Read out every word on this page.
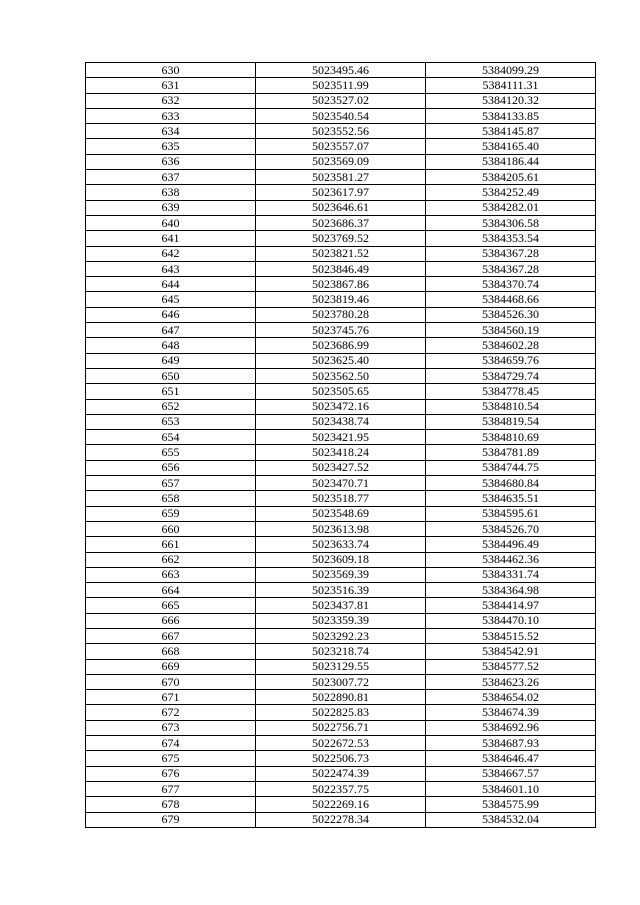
630	5023495.46	5384099.29
631	5023511.99	5384111.31
632	5023527.02	5384120.32
633	5023540.54	5384133.85
634	5023552.56	5384145.87
635	5023557.07	5384165.40
636	5023569.09	5384186.44
637	5023581.27	5384205.61
638	5023617.97	5384252.49
639	5023646.61	5384282.01
640	5023686.37	5384306.58
641	5023769.52	5384353.54
642	5023821.52	5384367.28
643	5023846.49	5384367.28
644	5023867.86	5384370.74
645	5023819.46	5384468.66
646	5023780.28	5384526.30
647	5023745.76	5384560.19
648	5023686.99	5384602.28
649	5023625.40	5384659.76
650	5023562.50	5384729.74
651	5023505.65	5384778.45
652	5023472.16	5384810.54
653	5023438.74	5384819.54
654	5023421.95	5384810.69
655	5023418.24	5384781.89
656	5023427.52	5384744.75
657	5023470.71	5384680.84
658	5023518.77	5384635.51
659	5023548.69	5384595.61
660	5023613.98	5384526.70
661	5023633.74	5384496.49
662	5023609.18	5384462.36
663	5023569.39	5384331.74
664	5023516.39	5384364.98
665	5023437.81	5384414.97
666	5023359.39	5384470.10
667	5023292.23	5384515.52
668	5023218.74	5384542.91
669	5023129.55	5384577.52
670	5023007.72	5384623.26
671	5022890.81	5384654.02
672	5022825.83	5384674.39
673	5022756.71	5384692.96
674	5022672.53	5384687.93
675	5022506.73	5384646.47
676	5022474.39	5384667.57
677	5022357.75	5384601.10
678	5022269.16	5384575.99
679	5022278.34	5384532.04
